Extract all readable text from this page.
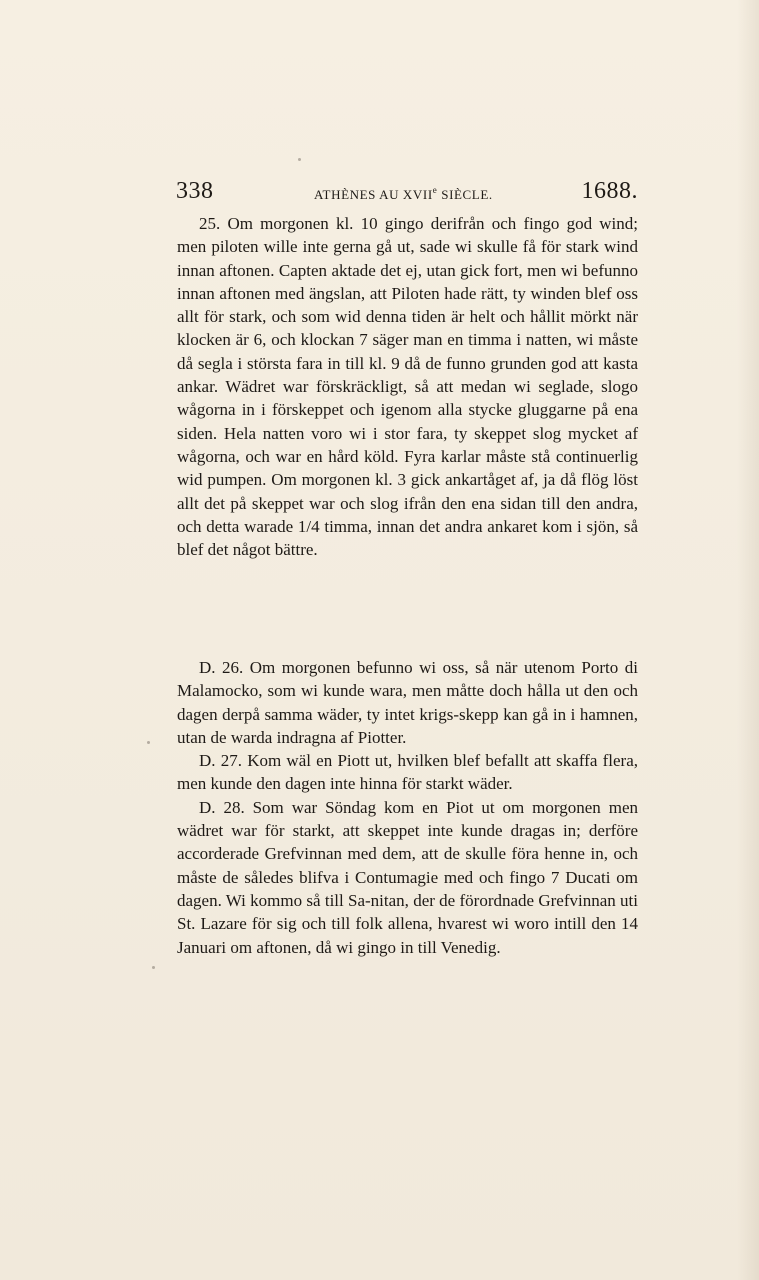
338	ATHÈNES AU XVIIe SIÈCLE.	1688.

25. Om morgonen kl. 10 gingo derifrån och fingo god wind; men piloten wille inte gerna gå ut, sade wi skulle få för stark wind innan aftonen. Capten aktade det ej, utan gick fort, men wi befunno innan aftonen med ängslan, att Piloten hade rätt, ty winden blef oss allt för stark, och som wid denna tiden är helt och hållit mörkt när klocken är 6, och klockan 7 säger man en timma i natten, wi måste då segla i största fara in till kl. 9 då de funno grunden god att kasta ankar. Wädret war förskräckligt, så att medan wi seglade, slogo wågorna in i förskeppet och igenom alla stycke gluggarne på ena siden. Hela natten voro wi i stor fara, ty skeppet slog mycket af wågorna, och war en hård köld. Fyra karlar måste stå continuerlig wid pumpen. Om morgonen kl. 3 gick ankartåget af, ja då flög löst allt det på skeppet war och slog ifrån den ena sidan till den andra, och detta warade 1/4 timma, innan det andra ankaret kom i sjön, så blef det något bättre.

D. 26. Om morgonen befunno wi oss, så när utenom Porto di Malamocko, som wi kunde wara, men måtte doch hålla ut den och dagen derpå samma wäder, ty intet krigs-skepp kan gå in i hamnen, utan de warda indragna af Piotter.

D. 27. Kom wäl en Piott ut, hvilken blef befallt att skaffa flera, men kunde den dagen inte hinna för starkt wäder.

D. 28. Som war Söndag kom en Piot ut om morgonen men wädret war för starkt, att skeppet inte kunde dragas in; derföre accorderade Grefvinnan med dem, att de skulle föra henne in, och måste de således blifva i Contumagie med och fingo 7 Ducati om dagen. Wi kommo så till Sa-nitan, der de förordnade Grefvinnan uti St. Lazare för sig och till folk allena, hvarest wi woro intill den 14 Januari om aftonen, då wi gingo in till Venedig.
